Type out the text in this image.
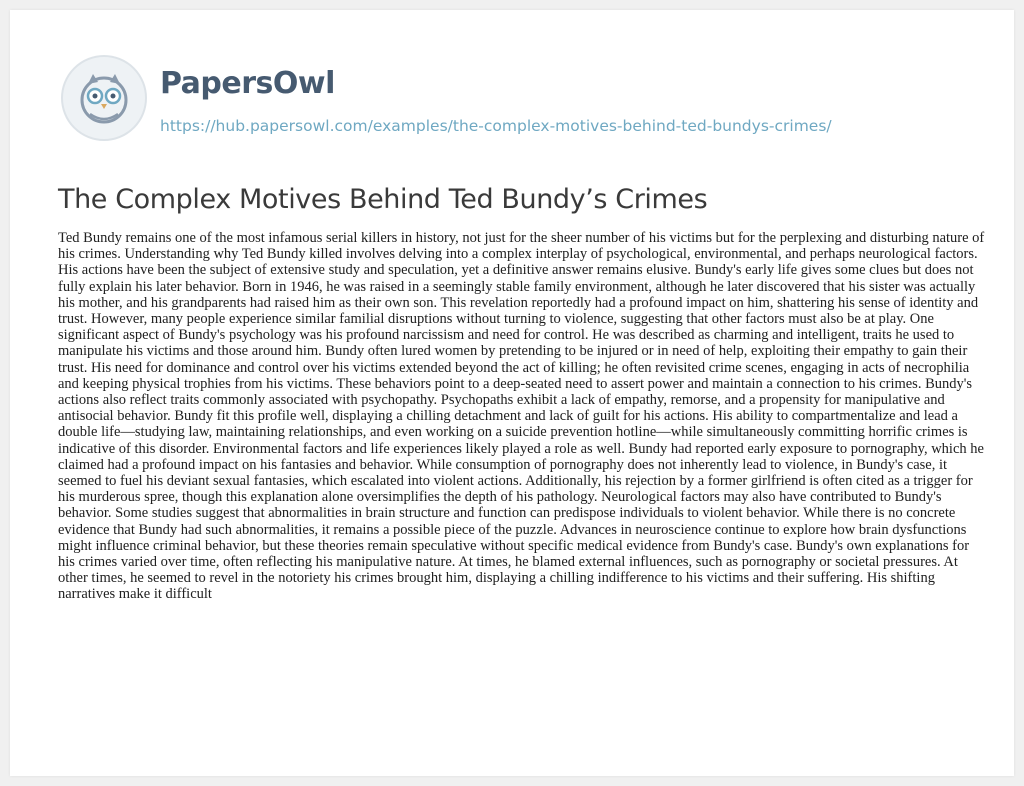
PapersOwl
https://hub.papersowl.com/examples/the-complex-motives-behind-ted-bundys-crimes/
The Complex Motives Behind Ted Bundy’s Crimes

Ted Bundy remains one of the most infamous serial killers in history, not just for the sheer number of his victims but for the perplexing and disturbing nature of his crimes. Understanding why Ted Bundy killed involves delving into a complex interplay of psychological, environmental, and perhaps neurological factors. His actions have been the subject of extensive study and speculation, yet a definitive answer remains elusive. Bundy's early life gives some clues but does not fully explain his later behavior. Born in 1946, he was raised in a seemingly stable family environment, although he later discovered that his sister was actually his mother, and his grandparents had raised him as their own son. This revelation reportedly had a profound impact on him, shattering his sense of identity and trust. However, many people experience similar familial disruptions without turning to violence, suggesting that other factors must also be at play. One significant aspect of Bundy's psychology was his profound narcissism and need for control. He was described as charming and intelligent, traits he used to manipulate his victims and those around him. Bundy often lured women by pretending to be injured or in need of help, exploiting their empathy to gain their trust. His need for dominance and control over his victims extended beyond the act of killing; he often revisited crime scenes, engaging in acts of necrophilia and keeping physical trophies from his victims. These behaviors point to a deep-seated need to assert power and maintain a connection to his crimes. Bundy's actions also reflect traits commonly associated with psychopathy. Psychopaths exhibit a lack of empathy, remorse, and a propensity for manipulative and antisocial behavior. Bundy fit this profile well, displaying a chilling detachment and lack of guilt for his actions. His ability to compartmentalize and lead a double life—studying law, maintaining relationships, and even working on a suicide prevention hotline—while simultaneously committing horrific crimes is indicative of this disorder. Environmental factors and life experiences likely played a role as well. Bundy had reported early exposure to pornography, which he claimed had a profound impact on his fantasies and behavior. While consumption of pornography does not inherently lead to violence, in Bundy's case, it seemed to fuel his deviant sexual fantasies, which escalated into violent actions. Additionally, his rejection by a former girlfriend is often cited as a trigger for his murderous spree, though this explanation alone oversimplifies the depth of his pathology. Neurological factors may also have contributed to Bundy's behavior. Some studies suggest that abnormalities in brain structure and function can predispose individuals to violent behavior. While there is no concrete evidence that Bundy had such abnormalities, it remains a possible piece of the puzzle. Advances in neuroscience continue to explore how brain dysfunctions might influence criminal behavior, but these theories remain speculative without specific medical evidence from Bundy's case. Bundy's own explanations for his crimes varied over time, often reflecting his manipulative nature. At times, he blamed external influences, such as pornography or societal pressures. At other times, he seemed to revel in the notoriety his crimes brought him, displaying a chilling indifference to his victims and their suffering. His shifting narratives make it difficult
